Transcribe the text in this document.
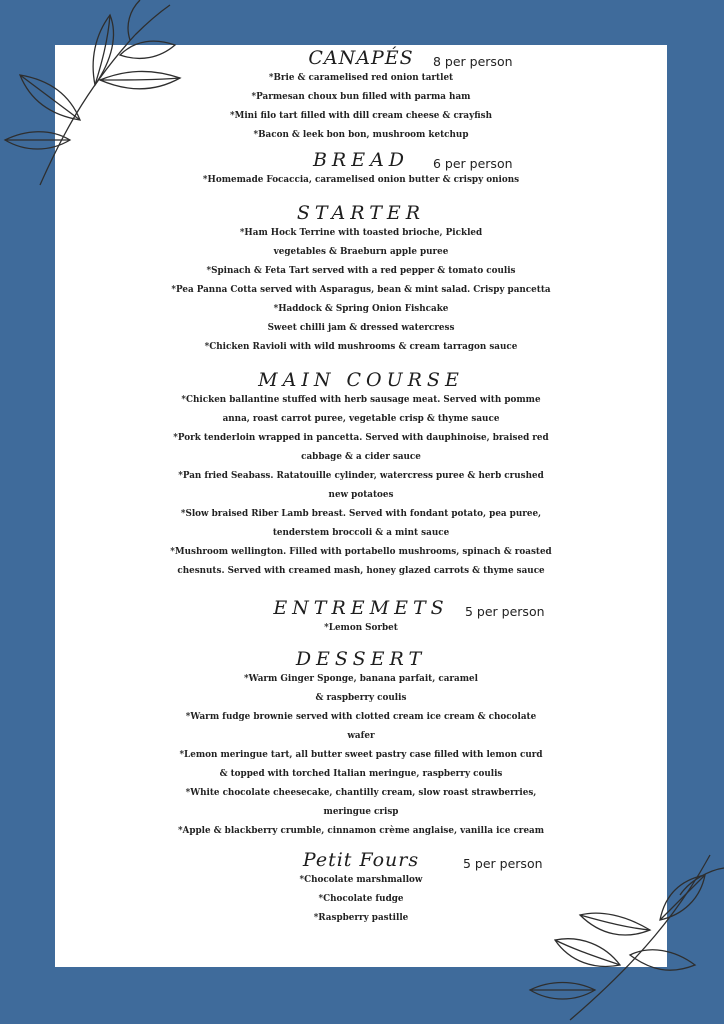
CANAPÉS 8 per person
*Brie & caramelised red onion tartlet
*Parmesan choux bun filled with parma ham
*Mini filo tart filled with dill cream cheese & crayfish
*Bacon & leek bon bon, mushroom ketchup
BREAD 6 per person
*Homemade Focaccia, caramelised onion butter & crispy onions
STARTER
*Ham Hock Terrine with toasted brioche, Pickled
vegetables & Braeburn apple puree
*Spinach & Feta Tart served with a red pepper & tomato coulis
*Pea Panna Cotta served with Asparagus, bean & mint salad. Crispy pancetta
*Haddock & Spring Onion Fishcake
Sweet chilli jam & dressed watercress
*Chicken Ravioli with wild mushrooms & cream tarragon sauce
MAIN COURSE
*Chicken ballantine stuffed with herb sausage meat. Served with pomme
anna, roast carrot puree, vegetable crisp & thyme sauce
*Pork tenderloin wrapped in pancetta. Served with dauphinoise, braised red
cabbage & a cider sauce
*Pan fried Seabass. Ratatouille cylinder, watercress puree & herb crushed
new potatoes
*Slow braised Riber Lamb breast. Served with fondant potato, pea puree,
tenderstem broccoli & a mint sauce
*Mushroom wellington. Filled with portabello mushrooms, spinach & roasted
chesnuts. Served with creamed mash, honey glazed carrots & thyme sauce
ENTREMETS 5 per person
*Lemon Sorbet
DESSERT
*Warm Ginger Sponge, banana parfait, caramel
& raspberry coulis
*Warm fudge brownie served with clotted cream ice cream & chocolate
wafer
*Lemon meringue tart, all butter sweet pastry case filled with lemon curd
& topped with torched Italian meringue, raspberry coulis
*White chocolate cheesecake, chantilly cream, slow roast strawberries,
meringue crisp
*Apple & blackberry crumble, cinnamon crème anglaise, vanilla ice cream
Petit Fours	5 per person
*Chocolate marshmallow
*Chocolate fudge
*Raspberry pastille
